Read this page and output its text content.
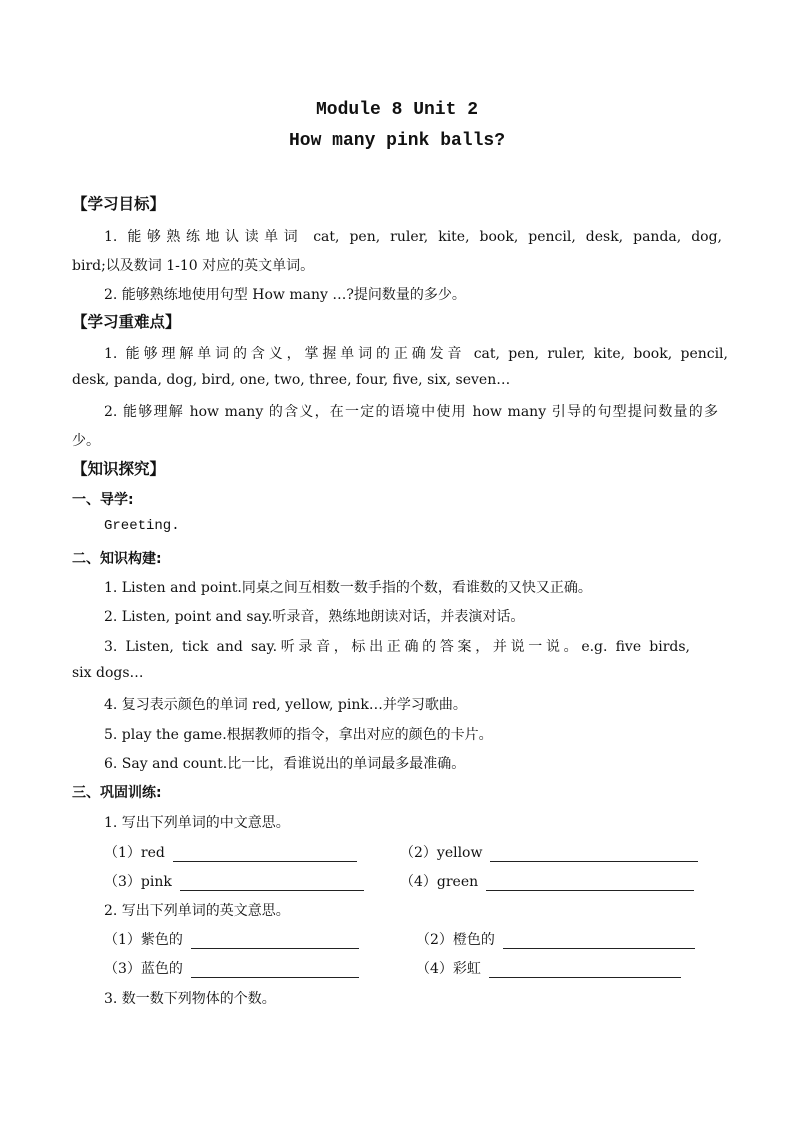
Module 8 Unit 2
How many pink balls?
【学习目标】
1. 能够熟练地认读单词 cat, pen, ruler, kite, book, pencil, desk, panda, dog,
bird;以及数词 1-10 对应的英文单词。
2. 能够熟练地使用句型 How many …?提问数量的多少。
【学习重难点】
1. 能够理解单词的含义，掌握单词的正确发音 cat, pen, ruler, kite, book, pencil,
desk, panda, dog, bird, one, two, three, four, five, six, seven…
2. 能够理解 how many 的含义，在一定的语境中使用 how many 引导的句型提问数量的多
少。
【知识探究】
一、导学:
Greeting.
二、知识构建:
1. Listen and point.同桌之间互相数一数手指的个数，看谁数的又快又正确。
2. Listen, point and say.听录音，熟练地朗读对话，并表演对话。
3. Listen, tick and say.听录音，标出正确的答案，并说一说。e.g. five birds,
six dogs…
4. 复习表示颜色的单词 red, yellow, pink…并学习歌曲。
5. play the game.根据教师的指令，拿出对应的颜色的卡片。
6. Say and count.比一比，看谁说出的单词最多最准确。
三、巩固训练:
1. 写出下列单词的中文意思。
（1）red	（2）yellow
（3）pink	（4）green
2. 写出下列单词的英文意思。
（1）紫色的	（2）橙色的
（3）蓝色的	（4）彩虹
3. 数一数下列物体的个数。
